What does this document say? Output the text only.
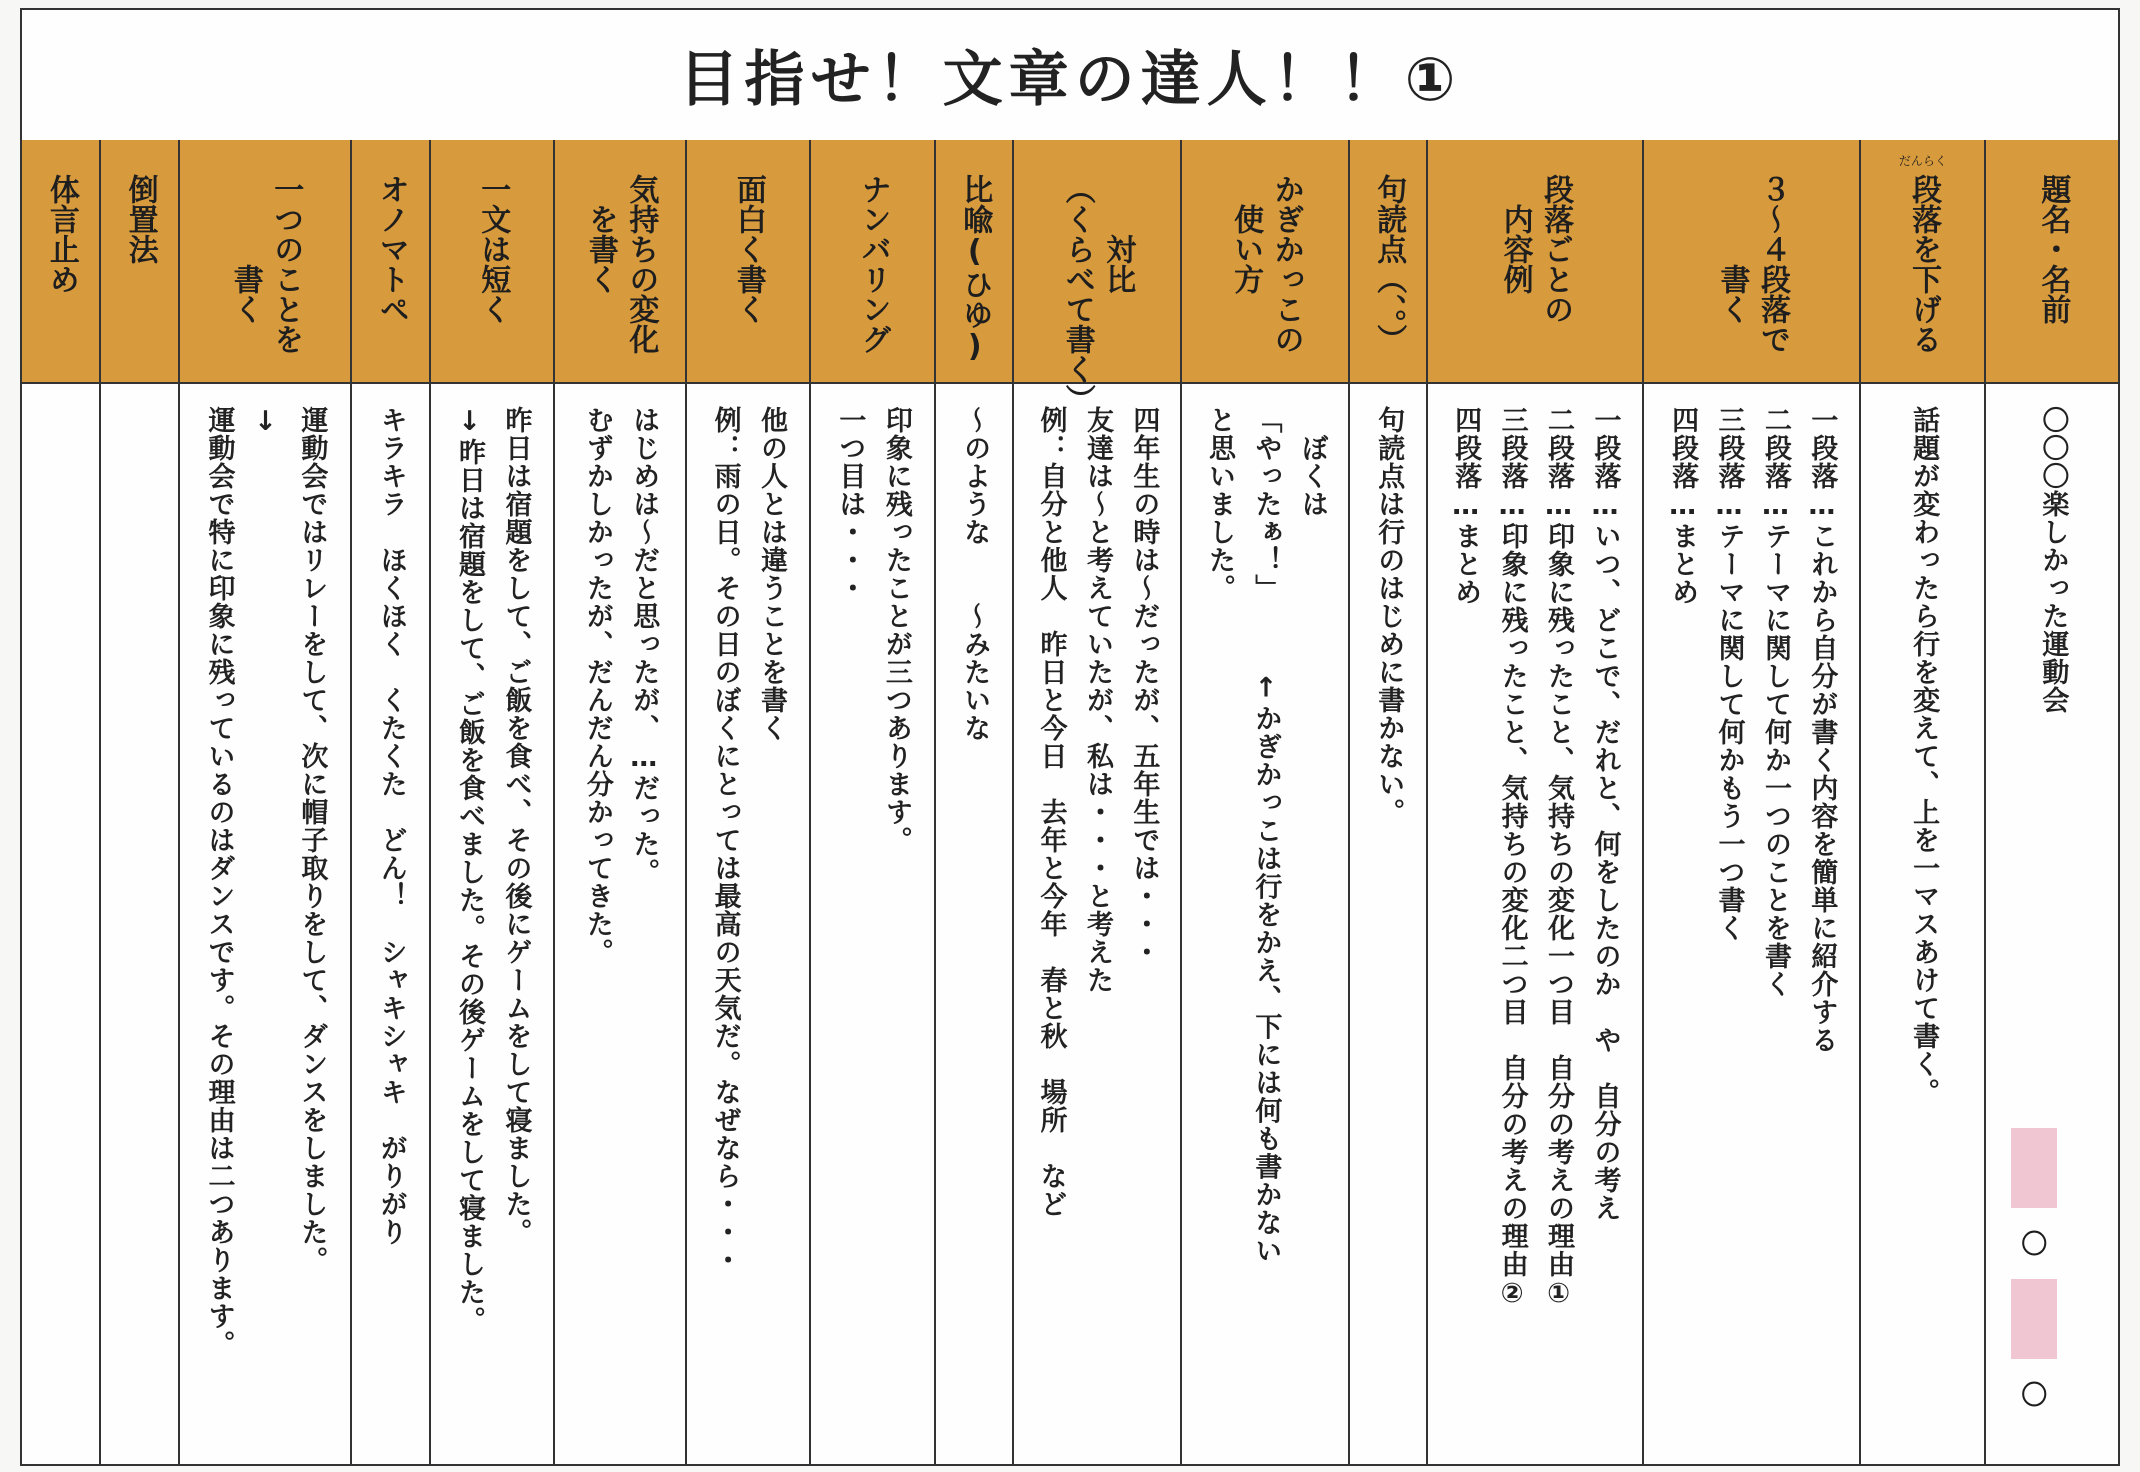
目指せ！文章の達人！！①
体言止め 倒置法	一つのことを
　　　書く
運動会ではリレーをして、次に帽子取りをして、ダンスをしました。
↓
運動会で特に印象に残っているのはダンスです。その理由は二つあります。
オノマトペ
キラキラ　ほくほく　くたくた　どん！　シャキシャキ　がりがり
一文は短く
昨日は宿題をして、ご飯を食べ、その後にゲームをして寝ました。
↓昨日は宿題をして、ご飯を食べました。その後ゲームをして寝ました。
気持ちの変化
　を書く
はじめは～だと思ったが、…だった。
むずかしかったが、だんだん分かってきた。
面白く書く
他の人とは違うことを書く
例：雨の日。その日のぼくにとっては最高の天気だ。なぜなら・・・
ナンバリング
印象に残ったことが三つあります。
一つ目は・・・
比喩(ひゆ)
～のような　　～みたいな
　　対比
（くらべて書く）
四年生の時は～だったが、五年生では・・・
友達は～と考えていたが、私は・・・と考えた
例：自分と他人　昨日と今日　去年と今年　春と秋　場所　など
かぎかっこの
　使い方
　ぼくは
「やったぁ！」　　　↑かぎかっこは行をかえ、下には何も書かない
と思いました。
句読点（、。）
句読点は行のはじめに書かない。
段落ごとの
　内容例
一段落…いつ、どこで、だれと、何をしたのか　や　自分の考え
二段落…印象に残ったこと、気持ちの変化一つ目　自分の考えの理由①
三段落…印象に残ったこと、気持ちの変化二つ目　自分の考えの理由②
四段落…まとめ
３～４段落で
　　　書く
一段落…これから自分が書く内容を簡単に紹介する
二段落…テーマに関して何か一つのことを書く
三段落…テーマに関して何かもう一つ書く
四段落…まとめ
段落を下げる
だんらく
話題が変わったら行を変えて、上を一マスあけて書く。
題名・名前
〇〇〇楽しかった運動会
〇
〇
